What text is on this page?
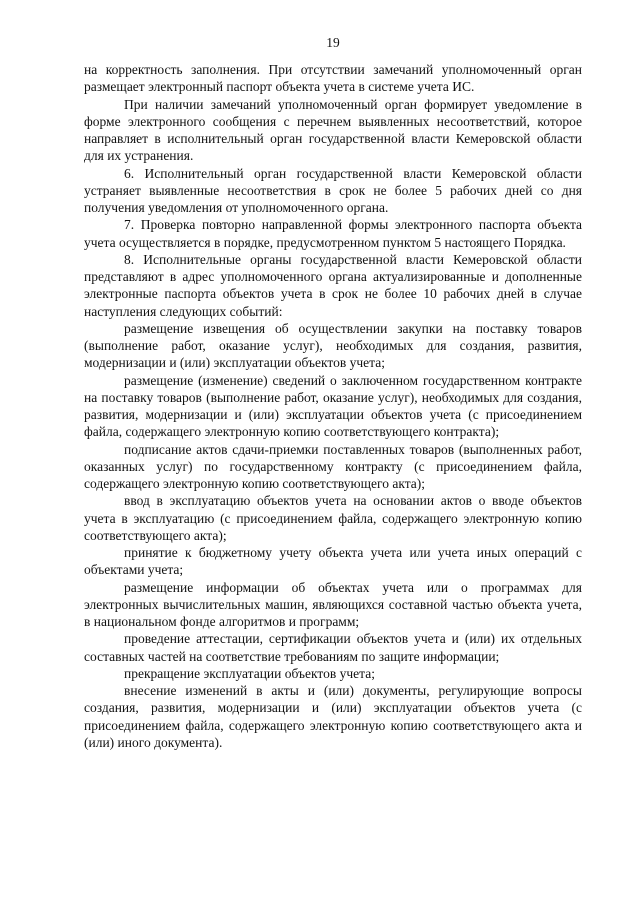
19

на корректность заполнения. При отсутствии замечаний уполномоченный орган размещает электронный паспорт объекта учета в системе учета ИС.

При наличии замечаний уполномоченный орган формирует уведомление в форме электронного сообщения с перечнем выявленных несоответствий, которое направляет в исполнительный орган государственной власти Кемеровской области для их устранения.

6. Исполнительный орган государственной власти Кемеровской области устраняет выявленные несоответствия в срок не более 5 рабочих дней со дня получения уведомления от уполномоченного органа.

7. Проверка повторно направленной формы электронного паспорта объекта учета осуществляется в порядке, предусмотренном пунктом 5 настоящего Порядка.

8. Исполнительные органы государственной власти Кемеровской области представляют в адрес уполномоченного органа актуализированные и дополненные электронные паспорта объектов учета в срок не более 10 рабочих дней в случае наступления следующих событий:

размещение извещения об осуществлении закупки на поставку товаров (выполнение работ, оказание услуг), необходимых для создания, развития, модернизации и (или) эксплуатации объектов учета;

размещение (изменение) сведений о заключенном государственном контракте на поставку товаров (выполнение работ, оказание услуг), необходимых для создания, развития, модернизации и (или) эксплуатации объектов учета (с присоединением файла, содержащего электронную копию соответствующего контракта);

подписание актов сдачи-приемки поставленных товаров (выполненных работ, оказанных услуг) по государственному контракту (с присоединением файла, содержащего электронную копию соответствующего акта);

ввод в эксплуатацию объектов учета на основании актов о вводе объектов учета в эксплуатацию (с присоединением файла, содержащего электронную копию соответствующего акта);

принятие к бюджетному учету объекта учета или учета иных операций с объектами учета;

размещение информации об объектах учета или о программах для электронных вычислительных машин, являющихся составной частью объекта учета, в национальном фонде алгоритмов и программ;

проведение аттестации, сертификации объектов учета и (или) их отдельных составных частей на соответствие требованиям по защите информации;

прекращение эксплуатации объектов учета;

внесение изменений в акты и (или) документы, регулирующие вопросы создания, развития, модернизации и (или) эксплуатации объектов учета (с присоединением файла, содержащего электронную копию соответствующего акта и (или) иного документа).
